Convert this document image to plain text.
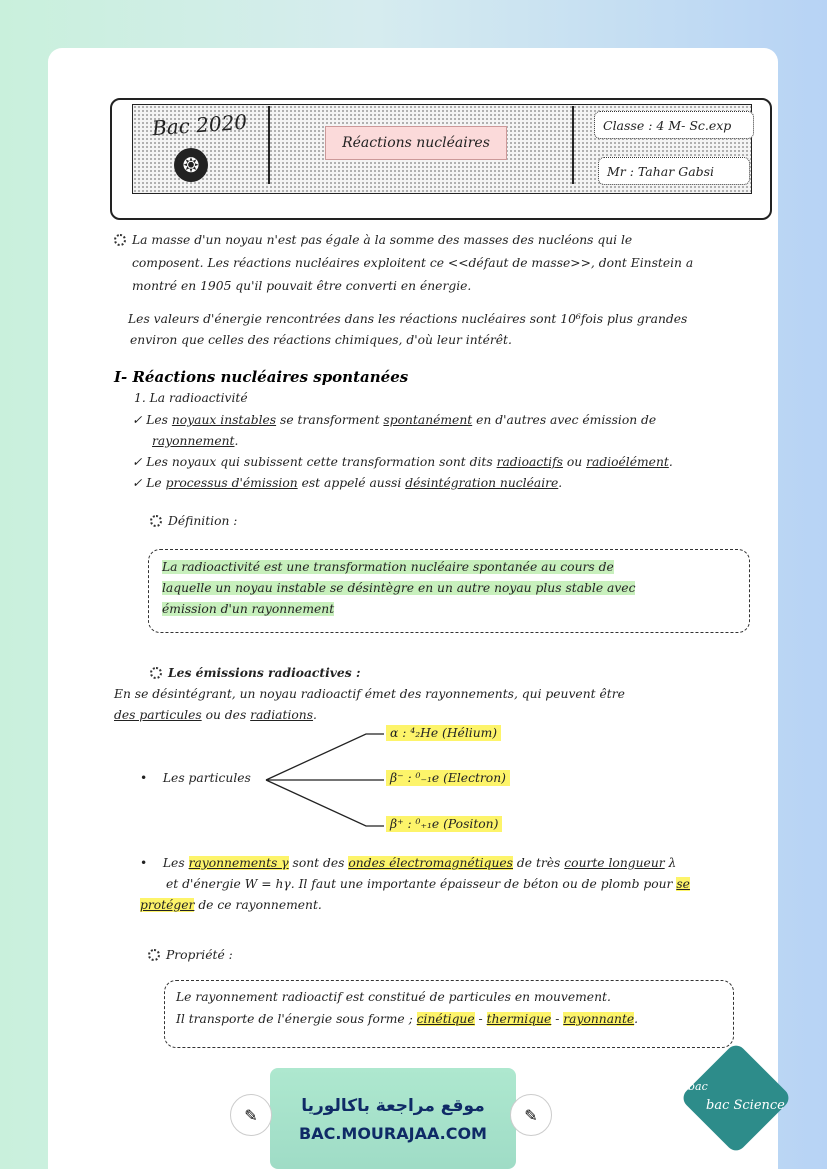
Bac 2020
❂
Réactions nucléaires
Classe : 4 M- Sc.exp
Mr : Tahar Gabsi
La masse d'un noyau n'est pas égale à la somme des masses des nucléons qui le
composent. Les réactions nucléaires exploitent ce <<défaut de masse>>, dont Einstein a
montré en 1905 qu'il pouvait être converti en énergie.
Les valeurs d'énergie rencontrées dans les réactions nucléaires sont 10⁶fois plus grandes
environ que celles des réactions chimiques, d'où leur intérêt.
I- Réactions nucléaires spontanées
1. La radioactivité
✓ Les noyaux instables se transforment spontanément en d'autres avec émission de
rayonnement.
✓ Les noyaux qui subissent cette transformation sont dits radioactifs ou radioélément.
✓ Le processus d'émission est appelé aussi désintégration nucléaire.
Définition :
La radioactivité est une transformation nucléaire spontanée au cours de
laquelle un noyau instable se désintègre en un autre noyau plus stable avec
émission d'un rayonnement
Les émissions radioactives :
En se désintégrant, un noyau radioactif émet des rayonnements, qui peuvent être
des particules ou des radiations.
•    Les particules
α : ⁴₂He (Hélium)
β⁻ : ⁰₋₁e (Electron)
β⁺ : ⁰₊₁e (Positon)
•    Les rayonnements γ sont des ondes électromagnétiques de très courte longueur λ
et d'énergie W = hγ. Il faut une importante épaisseur de béton ou de plomb pour se
protéger de ce rayonnement.
Propriété :
Le rayonnement radioactif est constitué de particules en mouvement.
Il transporte de l'énergie sous forme ; cinétique - thermique - rayonnante.
موقع مراجعة باكالوريا
BAC.MOURAJAA.COM
✎	✎
bac
bac Science
